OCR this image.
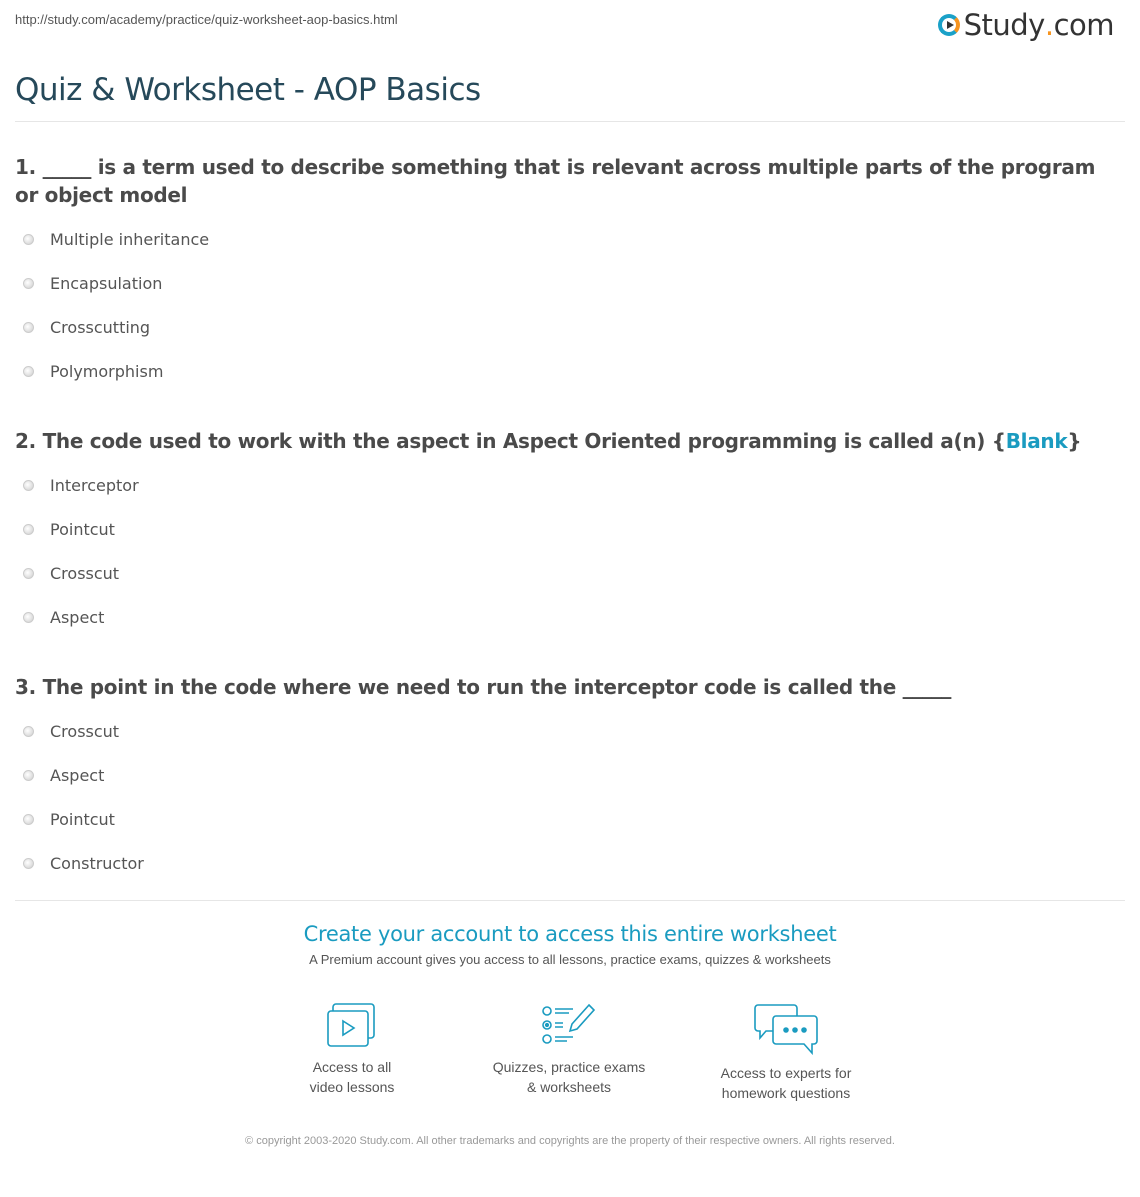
http://study.com/academy/practice/quiz-worksheet-aop-basics.html	Study . com
Quiz & Worksheet - AOP Basics
1. _____ is a term used to describe something that is relevant across multiple parts of the program or object model
Multiple inheritance
Encapsulation
Crosscutting
Polymorphism
2. The code used to work with the aspect in Aspect Oriented programming is called a(n) {Blank}
Interceptor
Pointcut
Crosscut
Aspect
3. The point in the code where we need to run the interceptor code is called the _____
Crosscut
Aspect
Pointcut
Constructor
Create your account to access this entire worksheet

A Premium account gives you access to all lessons, practice exams, quizzes & worksheets

Access to all
video lessons
Quizzes, practice exams
& worksheets
Access to experts for
homework questions
© copyright 2003-2020 Study.com. All other trademarks and copyrights are the property of their respective owners. All rights reserved.
